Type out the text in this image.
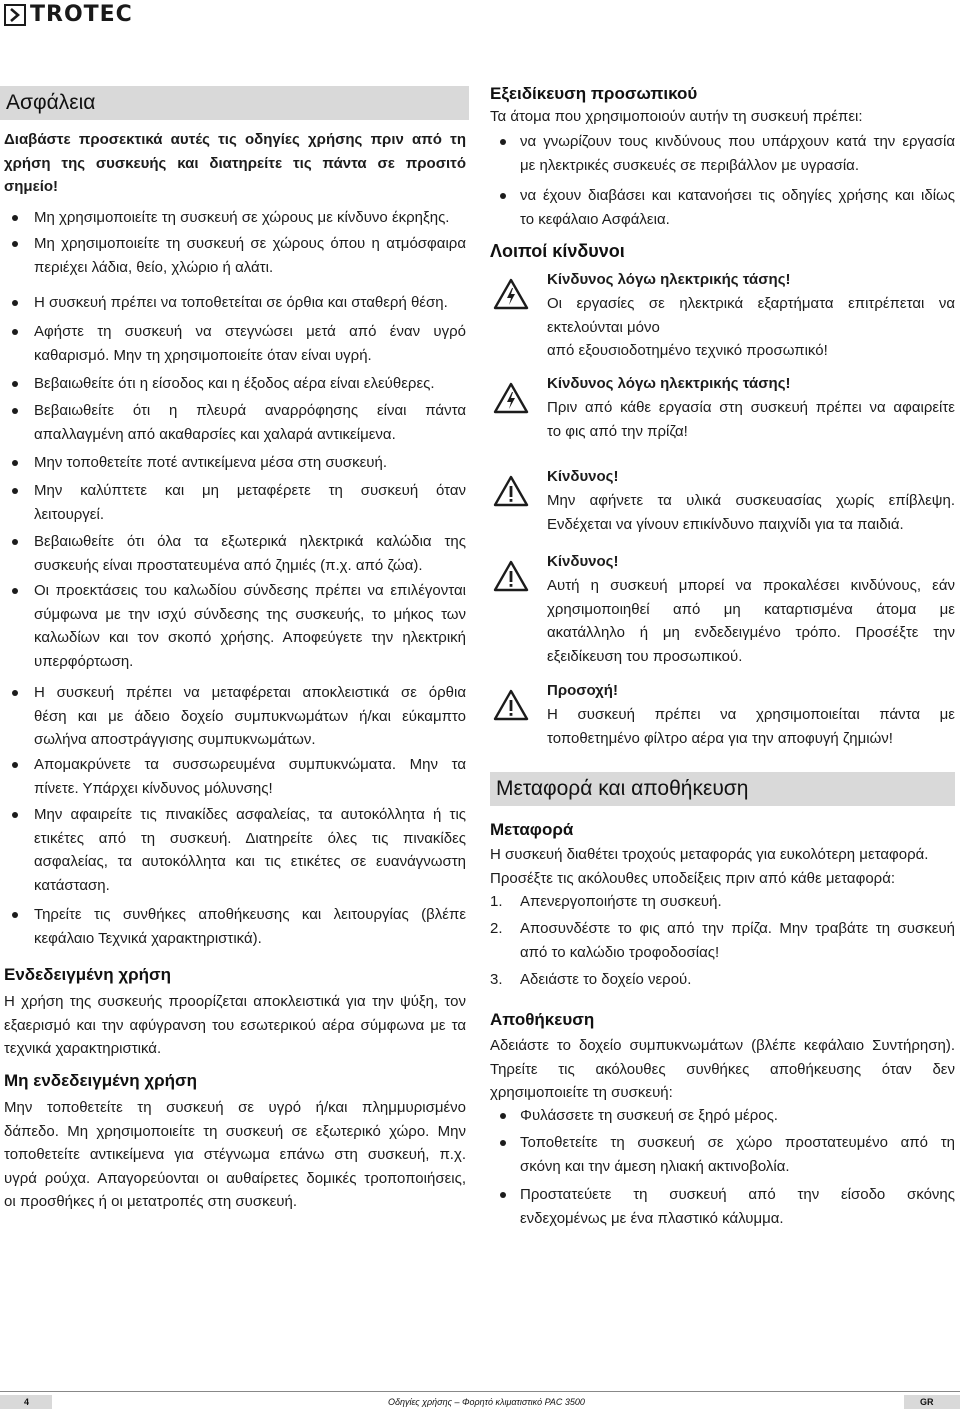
TROTEC
Ασφάλεια
Διαβάστε προσεκτικά αυτές τις οδηγίες χρήσης πριν από τη
χρήση της συσκευής και διατηρείτε τις πάντα σε προσιτό
σημείο!
Μη χρησιμοποιείτε τη συσκευή σε χώρους με κίνδυνο έκρηξης.
Μη χρησιμοποιείτε τη συσκευή σε χώρους όπου η ατμόσφαιρα
περιέχει λάδια, θείο, χλώριο ή αλάτι.
Η συσκευή πρέπει να τοποθετείται σε όρθια και σταθερή θέση.
Αφήστε τη συσκευή να στεγνώσει μετά από έναν υγρό
καθαρισμό. Μην τη χρησιμοποιείτε όταν είναι υγρή.
Βεβαιωθείτε ότι η είσοδος και η έξοδος αέρα είναι ελεύθερες.
Βεβαιωθείτε ότι η πλευρά αναρρόφησης είναι πάντα
απαλλαγμένη από ακαθαρσίες και χαλαρά αντικείμενα.
Μην τοποθετείτε ποτέ αντικείμενα μέσα στη συσκευή.
Μην καλύπτετε και μη μεταφέρετε τη συσκευή όταν
λειτουργεί.
Βεβαιωθείτε ότι όλα τα εξωτερικά ηλεκτρικά καλώδια της
συσκευής είναι προστατευμένα από ζημιές (π.χ. από ζώα).
Οι προεκτάσεις του καλωδίου σύνδεσης πρέπει να επιλέγονται
σύμφωνα με την ισχύ σύνδεσης της συσκευής, το μήκος των
καλωδίων και τον σκοπό χρήσης. Αποφεύγετε την ηλεκτρική
υπερφόρτωση.
Η συσκευή πρέπει να μεταφέρεται αποκλειστικά σε όρθια
θέση και με άδειο δοχείο συμπυκνωμάτων ή/και εύκαμπτο
σωλήνα αποστράγγισης συμπυκνωμάτων.
Απομακρύνετε τα συσσωρευμένα συμπυκνώματα. Μην τα
πίνετε. Υπάρχει κίνδυνος μόλυνσης!
Μην αφαιρείτε τις πινακίδες ασφαλείας, τα αυτοκόλλητα ή τις
ετικέτες από τη συσκευή. Διατηρείτε όλες τις πινακίδες
ασφαλείας, τα αυτοκόλλητα και τις ετικέτες σε ευανάγνωστη
κατάσταση.
Τηρείτε τις συνθήκες αποθήκευσης και λειτουργίας (βλέπε
κεφάλαιο Τεχνικά χαρακτηριστικά).
Ενδεδειγμένη χρήση
Η χρήση της συσκευής προορίζεται αποκλειστικά για την ψύξη, τον
εξαερισμό και την αφύγρανση του εσωτερικού αέρα σύμφωνα με τα
τεχνικά χαρακτηριστικά.
Μη ενδεδειγμένη χρήση
Μην τοποθετείτε τη συσκευή σε υγρό ή/και πλημμυρισμένο
δάπεδο. Μη χρησιμοποιείτε τη συσκευή σε εξωτερικό χώρο. Μην
τοποθετείτε αντικείμενα για στέγνωμα επάνω στη συσκευή, π.χ.
υγρά ρούχα. Απαγορεύονται οι αυθαίρετες δομικές τροποποιήσεις,
οι προσθήκες ή οι μετατροπές στη συσκευή.
Εξειδίκευση προσωπικού
Τα άτομα που χρησιμοποιούν αυτήν τη συσκευή πρέπει:
να γνωρίζουν τους κινδύνους που υπάρχουν κατά την εργασία
με ηλεκτρικές συσκευές σε περιβάλλον με υγρασία.
να έχουν διαβάσει και κατανοήσει τις οδηγίες χρήσης και ιδίως
το κεφάλαιο Ασφάλεια.
Λοιποί κίνδυνοι
Κίνδυνος λόγω ηλεκτρικής τάσης!
Οι εργασίες σε ηλεκτρικά εξαρτήματα επιτρέπεται να
εκτελούνται μόνο
από εξουσιοδοτημένο τεχνικό προσωπικό!
Κίνδυνος λόγω ηλεκτρικής τάσης!
Πριν από κάθε εργασία στη συσκευή πρέπει να αφαιρείτε
το φις από την πρίζα!
Κίνδυνος!
Μην αφήνετε τα υλικά συσκευασίας χωρίς επίβλεψη.
Ενδέχεται να γίνουν επικίνδυνο παιχνίδι για τα παιδιά.
Κίνδυνος!
Αυτή η συσκευή μπορεί να προκαλέσει κινδύνους, εάν
χρησιμοποιηθεί από μη καταρτισμένα άτομα με
ακατάλληλο ή μη ενδεδειγμένο τρόπο. Προσέξτε την
εξειδίκευση του προσωπικού.
Προσοχή!
Η συσκευή πρέπει να χρησιμοποιείται πάντα με
τοποθετημένο φίλτρο αέρα για την αποφυγή ζημιών!
Μεταφορά και αποθήκευση
Μεταφορά
Η συσκευή διαθέτει τροχούς μεταφοράς για ευκολότερη μεταφορά.
Προσέξτε τις ακόλουθες υποδείξεις πριν από κάθε μεταφορά:
1. Απενεργοποιήστε τη συσκευή.
2. Αποσυνδέστε το φις από την πρίζα. Μην τραβάτε τη συσκευή
από το καλώδιο τροφοδοσίας!
3. Αδειάστε το δοχείο νερού.
Αποθήκευση
Αδειάστε το δοχείο συμπυκνωμάτων (βλέπε κεφάλαιο Συντήρηση).
Τηρείτε τις ακόλουθες συνθήκες αποθήκευσης όταν δεν
χρησιμοποιείτε τη συσκευή:
Φυλάσσετε τη συσκευή σε ξηρό μέρος.
Τοποθετείτε τη συσκευή σε χώρο προστατευμένο από τη
σκόνη και την άμεση ηλιακή ακτινοβολία.
Προστατεύετε τη συσκευή από την είσοδο σκόνης
ενδεχομένως με ένα πλαστικό κάλυμμα.
4	Οδηγίες χρήσης – Φορητό κλιματιστικό PAC 3500	GR
